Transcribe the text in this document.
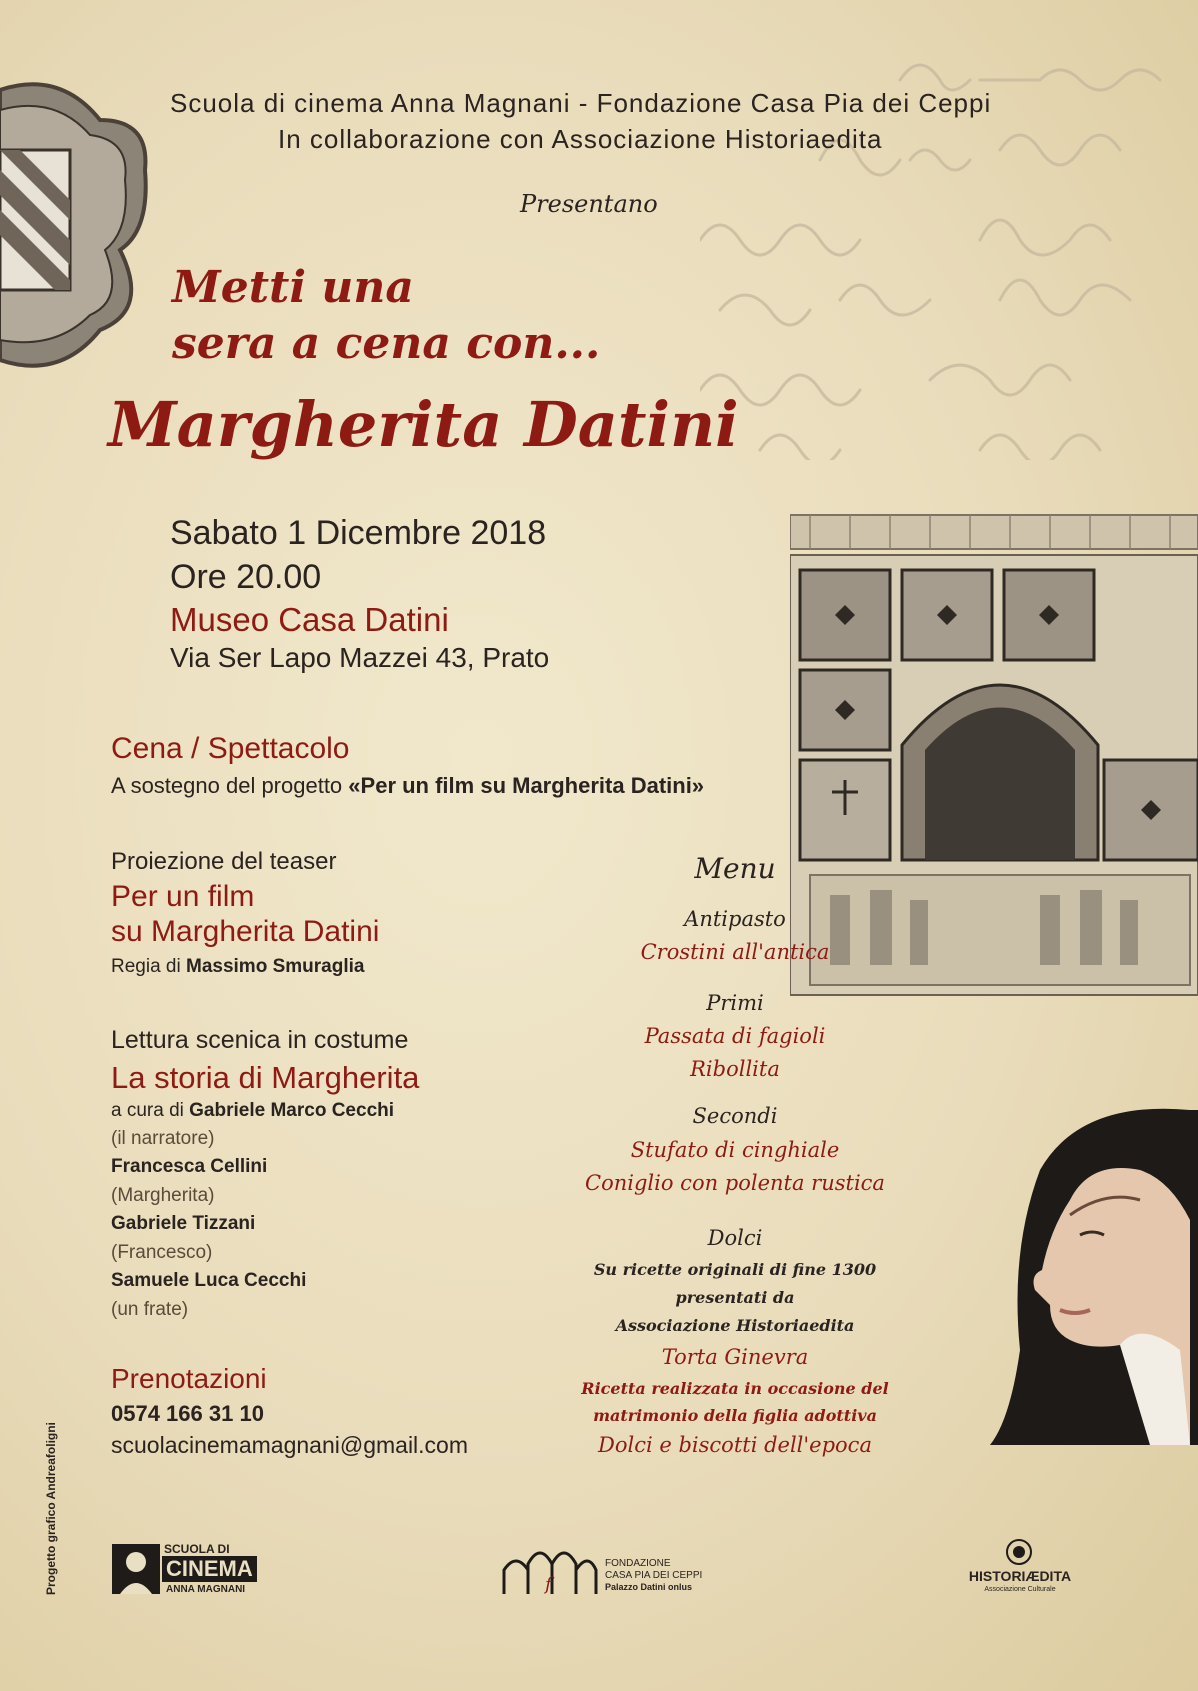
Scuola di cinema Anna Magnani - Fondazione Casa Pia dei Ceppi
In collaborazione con Associazione Historiaedita
Presentano
Metti una
sera a cena con...
Margherita Datini
Sabato 1 Dicembre 2018
Ore 20.00
Museo Casa Datini
Via Ser Lapo Mazzei 43, Prato
Cena / Spettacolo
A sostegno del progetto «Per un film su Margherita Datini»
Proiezione del teaser
Per un film
su Margherita Datini
Regia di Massimo Smuraglia
Lettura scenica in costume
La storia di Margherita
a cura di Gabriele Marco Cecchi
(il narratore)
Francesca Cellini
(Margherita)
Gabriele Tizzani
(Francesco)
Samuele Luca Cecchi
(un frate)
Prenotazioni
0574 166 31 10
scuolacinemamagnani@gmail.com
Menu
Antipasto
Crostini all'antica
Primi
Passata di fagioli
Ribollita
Secondi
Stufato di cinghiale
Coniglio con polenta rustica
Dolci
Su ricette originali di fine 1300
presentati da
Associazione Historiaedita
Torta Ginevra
Ricetta realizzata in occasione del
matrimonio della figlia adottiva
Dolci e biscotti dell'epoca
Progetto grafico Andreafoligni	SCUOLA DI
CINEMA
ANNA MAGNANI	f
FONDAZIONE
CASA PIA DEI CEPPI
Palazzo Datini onlus
HISTORIÆDITA
Associazione Culturale
